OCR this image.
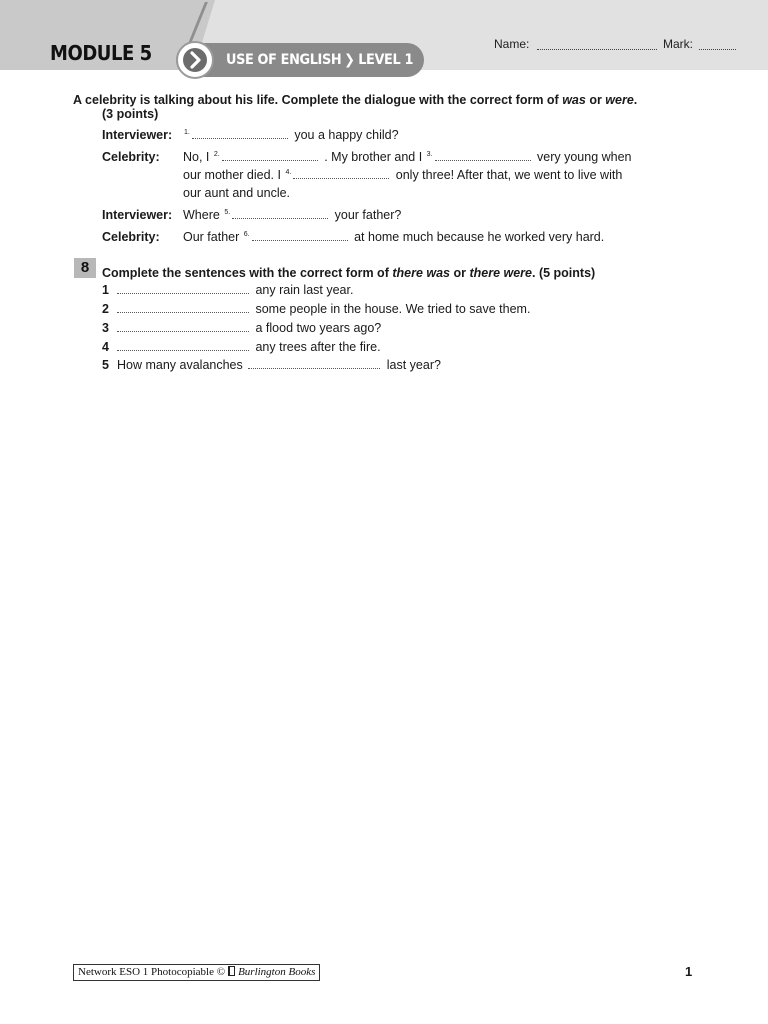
MODULE 5	USE OF ENGLISH ❯ LEVEL 1
Name:	Mark:
A celebrity is talking about his life. Complete the dialogue with the correct form of was or were.
(3 points)
Interviewer: $^{1.}$	you a happy child?
Celebrity: No, I $^{2.}$	. My brother and I $^{3.}$	very young when
our mother died. I $^{4.}$	only three! After that, we went to live with
our aunt and uncle.
Interviewer: Where $^{5.}$	your father?
Celebrity: Our father $^{6.}$	at home much because he worked very hard.
8	Complete the sentences with the correct form of there was or there were. (5 points)
1	any rain last year.
2	some people in the house. We tried to save them.
3	a flood two years ago?
4	any trees after the fire.
5 How many avalanches	last year?
Network ESO 1 Photocopiable © Burlington Books	1
